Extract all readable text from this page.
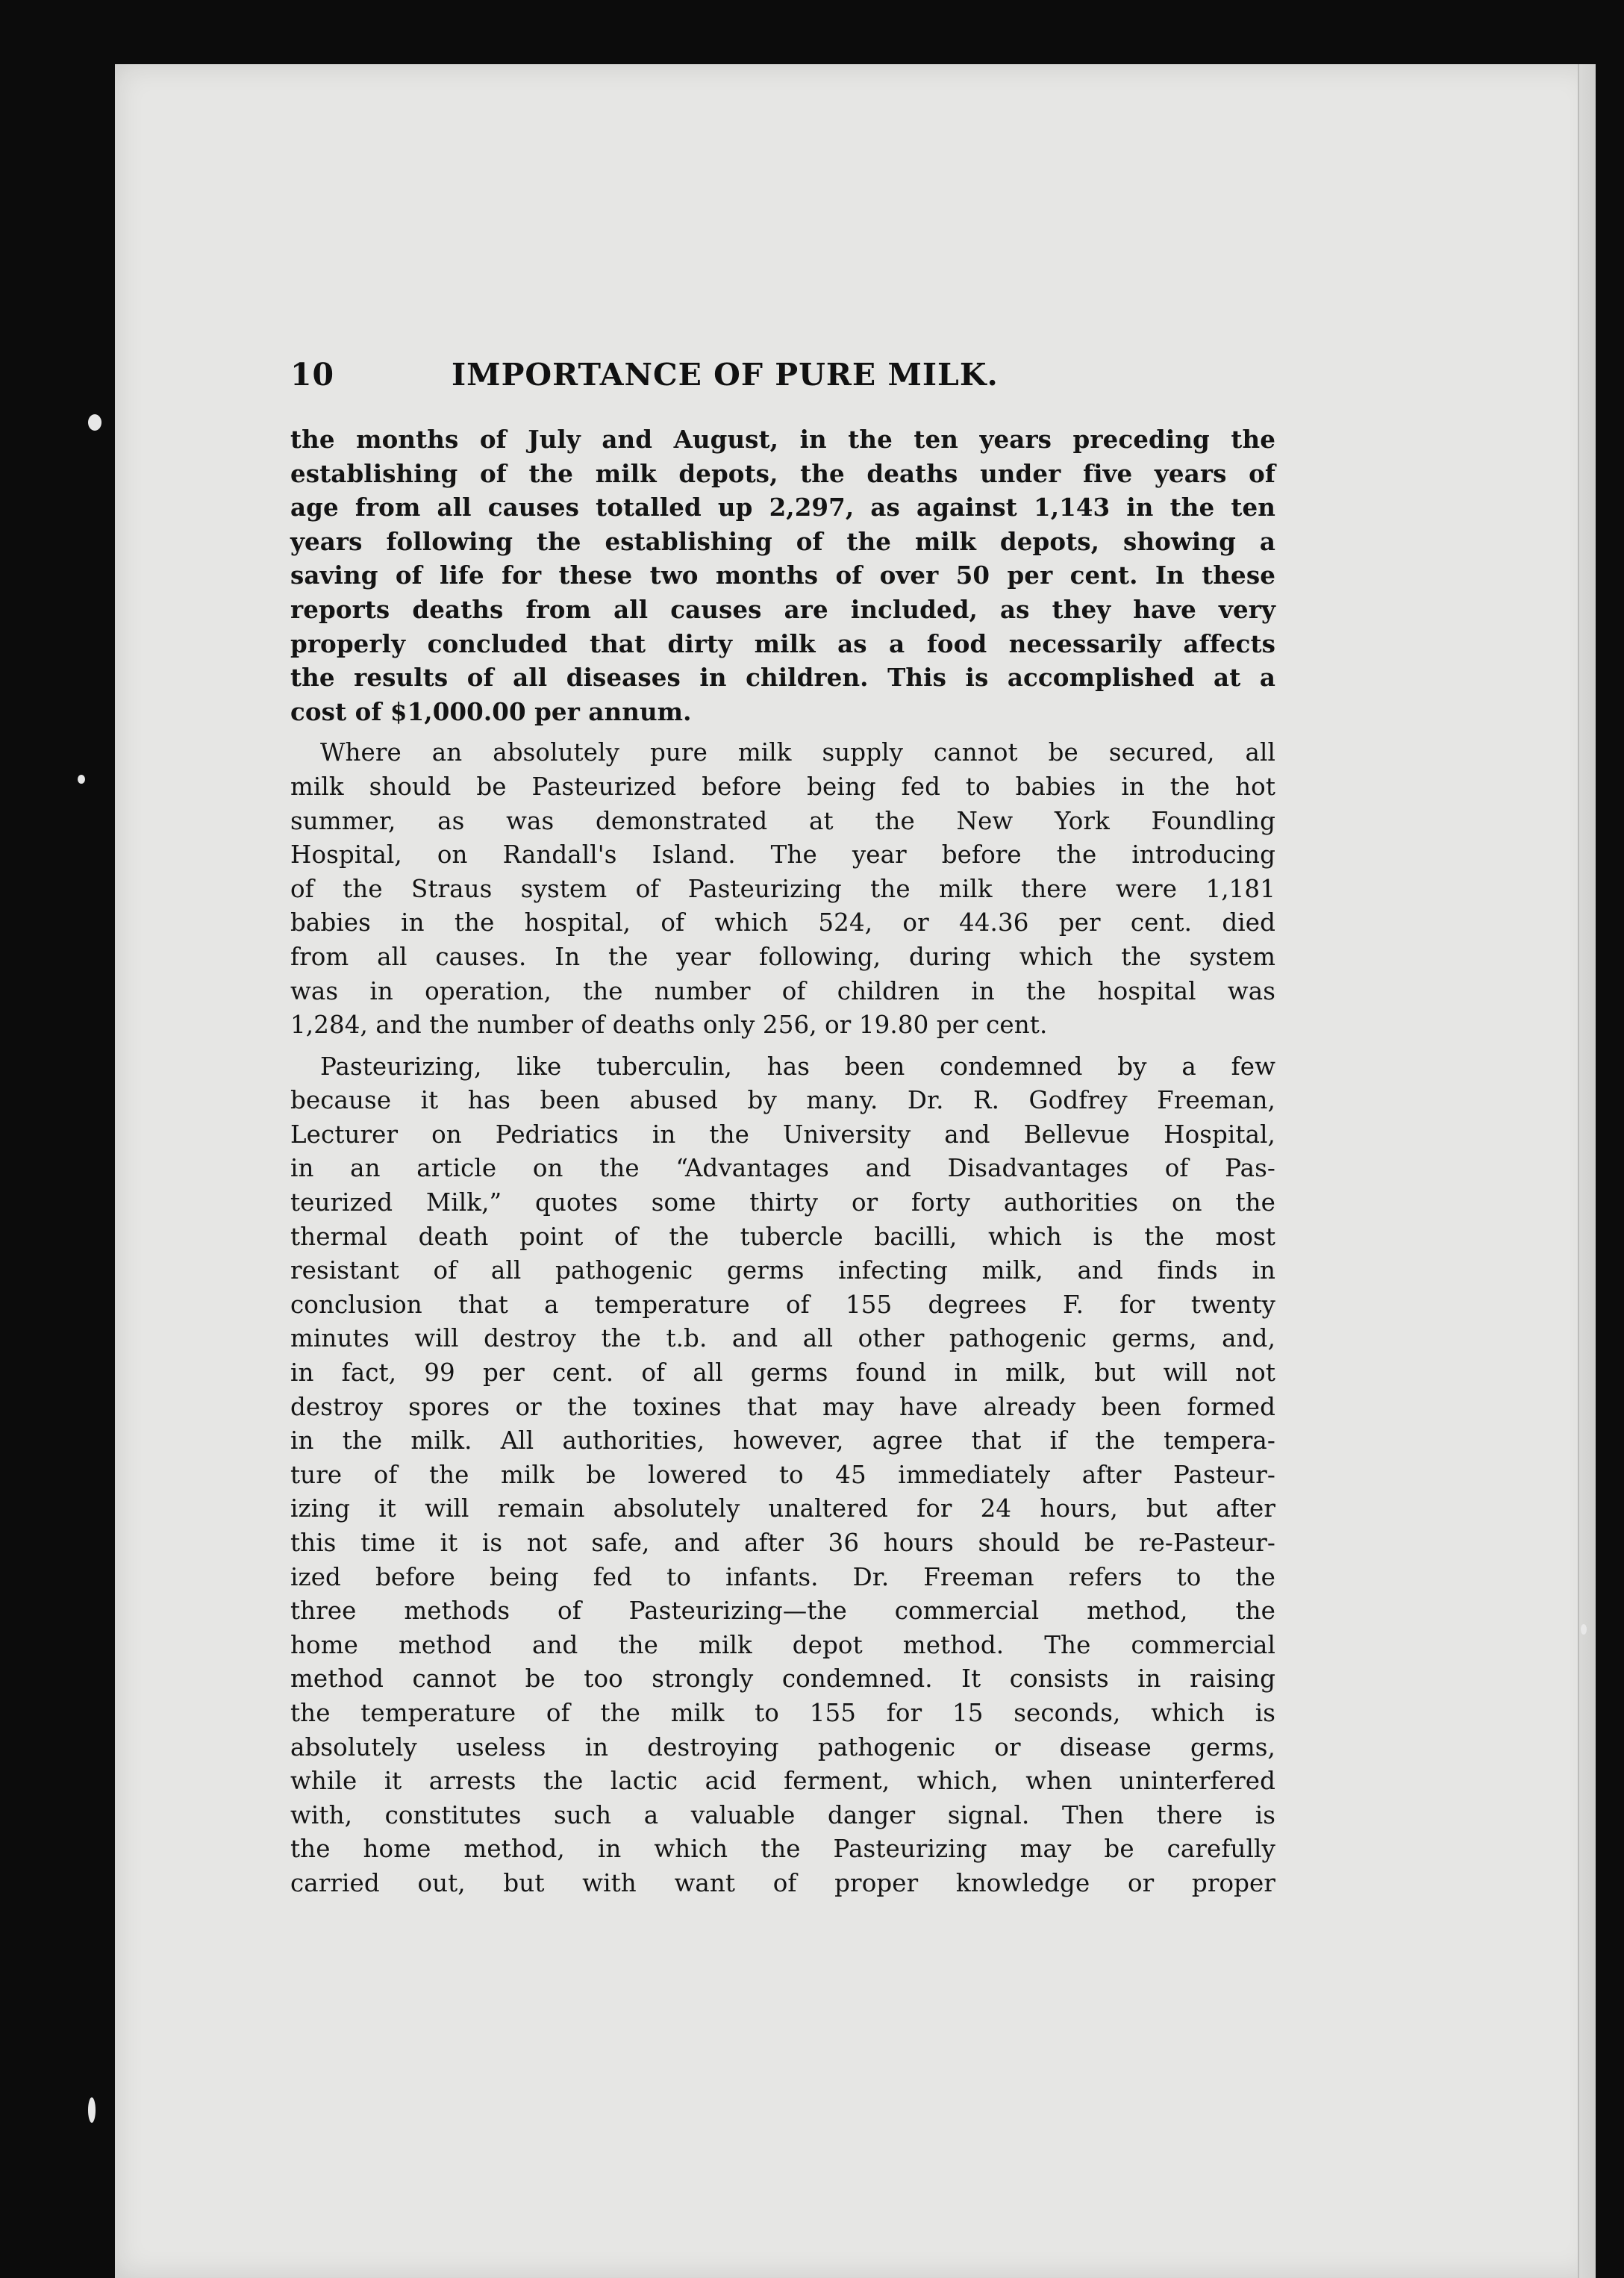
10	IMPORTANCE OF PURE MILK.
the months of July and August, in the ten years preceding the
establishing of the milk depots, the deaths under five years of
age from all causes totalled up 2,297, as against 1,143 in the ten
years following the establishing of the milk depots, showing a
saving of life for these two months of over 50 per cent. In these
reports deaths from all causes are included, as they have very
properly concluded that dirty milk as a food necessarily affects
the results of all diseases in children. This is accomplished at a
cost of $1,000.00 per annum.
Where an absolutely pure milk supply cannot be secured, all
milk should be Pasteurized before being fed to babies in the hot
summer, as was demonstrated at the New York Foundling
Hospital, on Randall's Island. The year before the introducing
of the Straus system of Pasteurizing the milk there were 1,181
babies in the hospital, of which 524, or 44.36 per cent. died
from all causes. In the year following, during which the system
was in operation, the number of children in the hospital was
1,284, and the number of deaths only 256, or 19.80 per cent.
Pasteurizing, like tuberculin, has been condemned by a few
because it has been abused by many. Dr. R. Godfrey Freeman,
Lecturer on Pedriatics in the University and Bellevue Hospital,
in an article on the “Advantages and Disadvantages of Pas-
teurized Milk,” quotes some thirty or forty authorities on the
thermal death point of the tubercle bacilli, which is the most
resistant of all pathogenic germs infecting milk, and finds in
conclusion that a temperature of 155 degrees F. for twenty
minutes will destroy the t.b. and all other pathogenic germs, and,
in fact, 99 per cent. of all germs found in milk, but will not
destroy spores or the toxines that may have already been formed
in the milk. All authorities, however, agree that if the tempera-
ture of the milk be lowered to 45 immediately after Pasteur-
izing it will remain absolutely unaltered for 24 hours, but after
this time it is not safe, and after 36 hours should be re-Pasteur-
ized before being fed to infants. Dr. Freeman refers to the
three methods of Pasteurizing—the commercial method, the
home method and the milk depot method. The commercial
method cannot be too strongly condemned. It consists in raising
the temperature of the milk to 155 for 15 seconds, which is
absolutely useless in destroying pathogenic or disease germs,
while it arrests the lactic acid ferment, which, when uninterfered
with, constitutes such a valuable danger signal. Then there is
the home method, in which the Pasteurizing may be carefully
carried out, but with want of proper knowledge or proper
